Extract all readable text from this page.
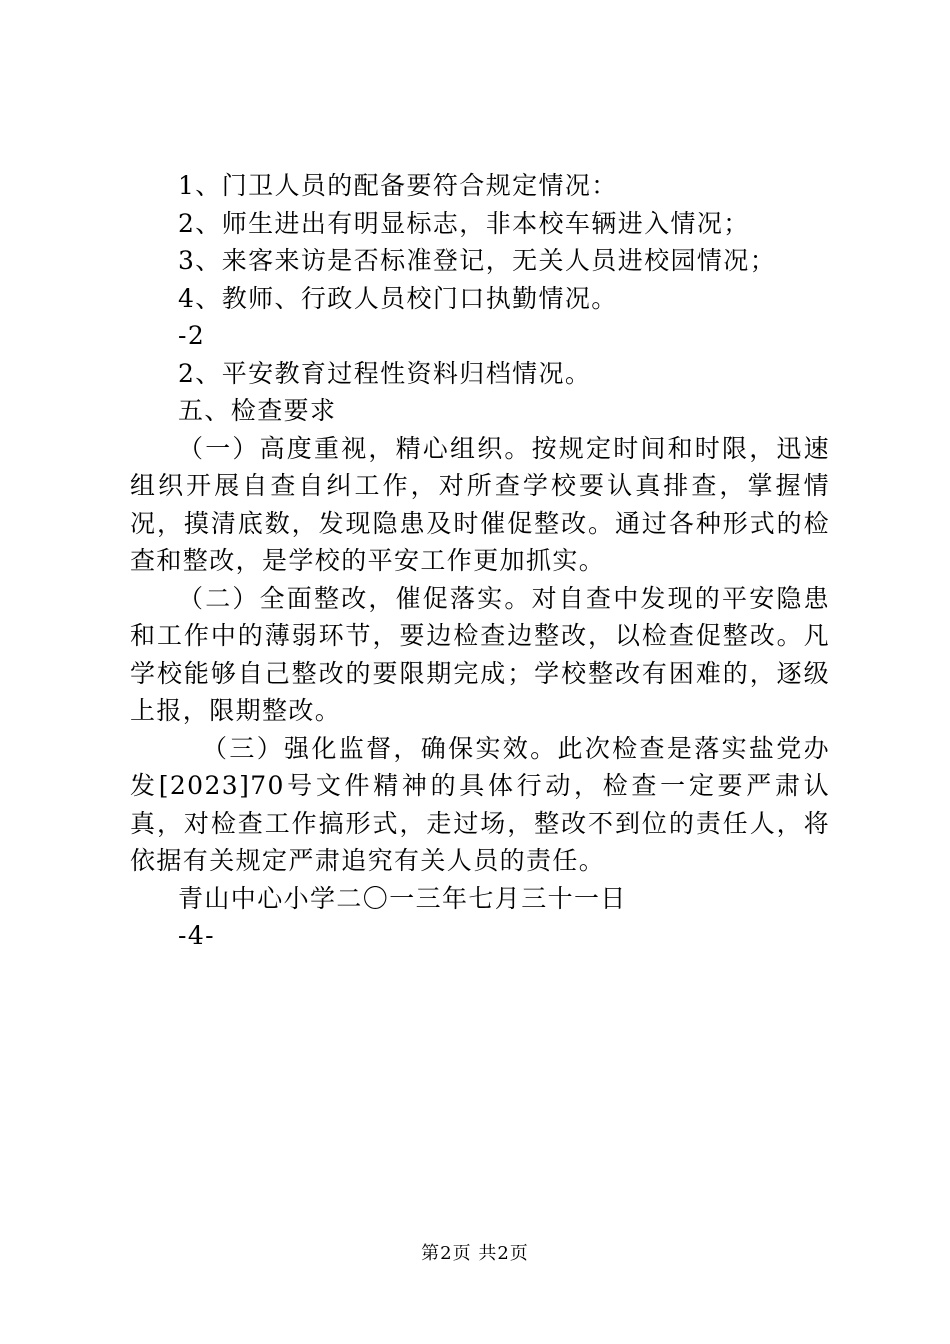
1、门卫人员的配备要符合规定情况：

2、师生进出有明显标志，非本校车辆进入情况；

3、来客来访是否标准登记，无关人员进校园情况；

4、教师、行政人员校门口执勤情况。

-2

2、平安教育过程性资料归档情况。

五、检查要求

（一）高度重视，精心组织。按规定时间和时限，迅速组织开展自查自纠工作，对所查学校要认真排查，掌握情况，摸清底数，发现隐患及时催促整改。通过各种形式的检查和整改，是学校的平安工作更加抓实。

（二）全面整改，催促落实。对自查中发现的平安隐患和工作中的薄弱环节，要边检查边整改，以检查促整改。凡学校能够自己整改的要限期完成；学校整改有困难的，逐级上报，限期整改。

（三）强化监督，确保实效。此次检查是落实盐党办发[2023]70号文件精神的具体行动，检查一定要严肃认真，对检查工作搞形式，走过场，整改不到位的责任人，将依据有关规定严肃追究有关人员的责任。

青山中心小学二〇一三年七月三十一日

-4-

第2页 共2页
